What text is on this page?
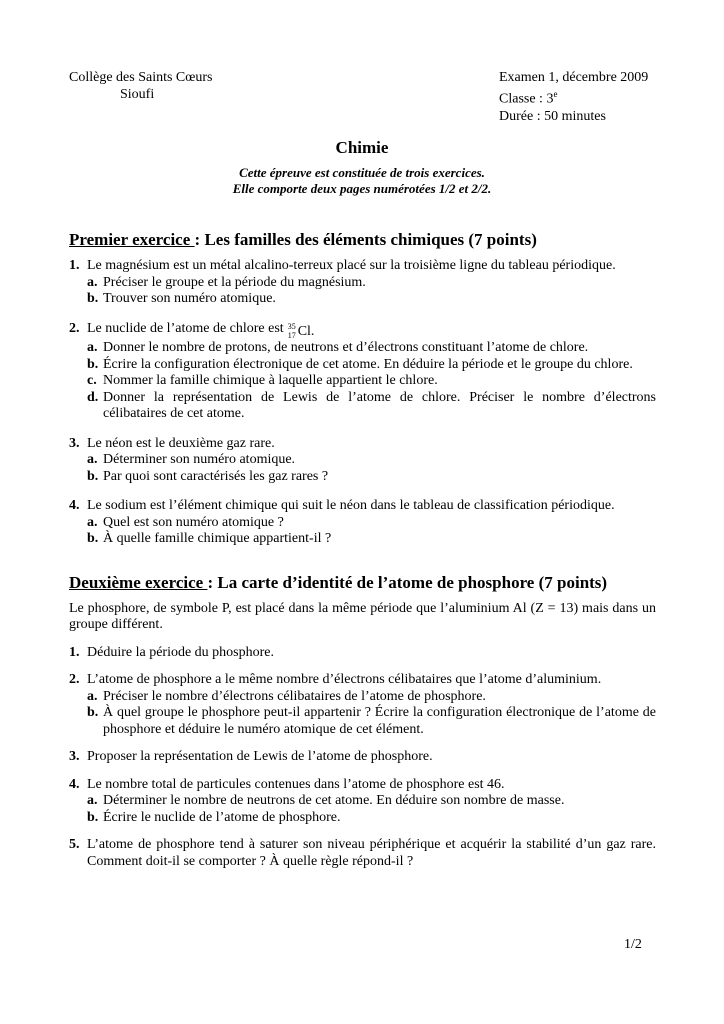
Collège des Saints Cœurs
Sioufi
Examen 1, décembre 2009
Classe : 3e
Durée : 50 minutes
Chimie
Cette épreuve est constituée de trois exercices.
Elle comporte deux pages numérotées 1/2 et 2/2.
Premier exercice : Les familles des éléments chimiques (7 points)
1. Le magnésium est un métal alcalino-terreux placé sur la troisième ligne du tableau périodique.
a. Préciser le groupe et la période du magnésium.
b. Trouver son numéro atomique.
2. Le nuclide de l’atome de chlore est 35
17 Cl.
a. Donner le nombre de protons, de neutrons et d’électrons constituant l’atome de chlore.
b. Écrire la configuration électronique de cet atome. En déduire la période et le groupe du chlore.
c. Nommer la famille chimique à laquelle appartient le chlore.
d. Donner la représentation de Lewis de l’atome de chlore. Préciser le nombre d’électrons célibataires de cet atome.
3. Le néon est le deuxième gaz rare.
a. Déterminer son numéro atomique.
b. Par quoi sont caractérisés les gaz rares ?
4. Le sodium est l’élément chimique qui suit le néon dans le tableau de classification périodique.
a. Quel est son numéro atomique ?
b. À quelle famille chimique appartient-il ?
Deuxième exercice : La carte d’identité de l’atome de phosphore (7 points)
Le phosphore, de symbole P, est placé dans la même période que l’aluminium Al (Z = 13) mais dans un groupe différent.
1. Déduire la période du phosphore.
2. L’atome de phosphore a le même nombre d’électrons célibataires que l’atome d’aluminium.
a. Préciser le nombre d’électrons célibataires de l’atome de phosphore.
b. À quel groupe le phosphore peut-il appartenir ? Écrire la configuration électronique de l’atome de phosphore et déduire le numéro atomique de cet élément.
3. Proposer la représentation de Lewis de l’atome de phosphore.
4. Le nombre total de particules contenues dans l’atome de phosphore est 46.
a. Déterminer le nombre de neutrons de cet atome. En déduire son nombre de masse.
b. Écrire le nuclide de l’atome de phosphore.
5. L’atome de phosphore tend à saturer son niveau périphérique et acquérir la stabilité d’un gaz rare. Comment doit-il se comporter ? À quelle règle répond-il ?
1/2
